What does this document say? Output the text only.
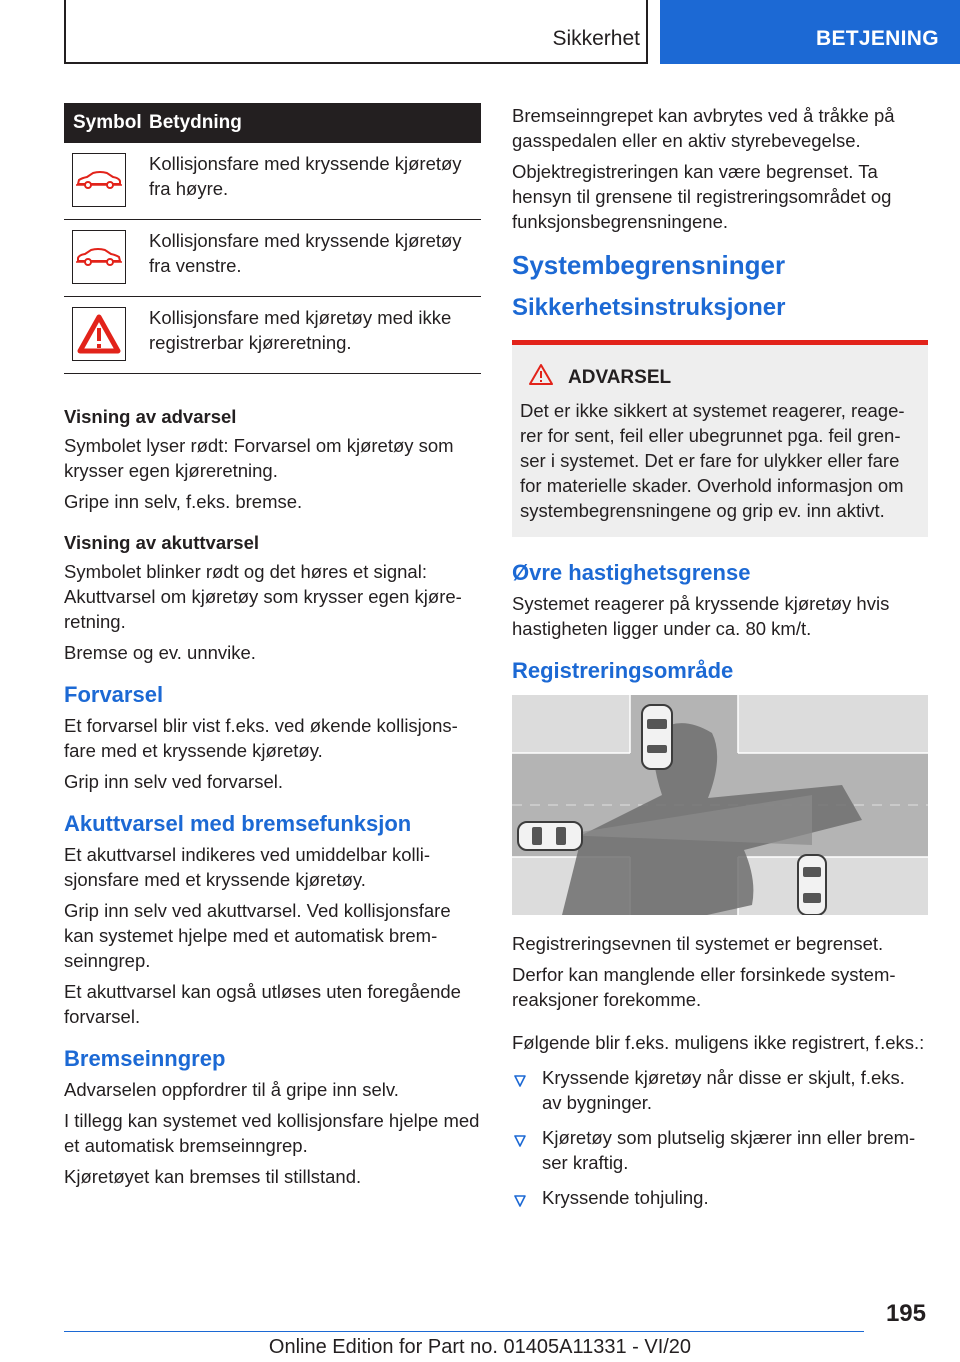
Sikkerhet	BETJENING
Symbol	Betydning

	Kollisjonsfare med kryssende kjøretøy fra høyre.

	Kollisjonsfare med kryssende kjøretøy fra venstre.

	Kollisjonsfare med kjøretøy med ikke registrerbar kjøreretning.
Visning av advarsel

Symbolet lyser rødt: Forvarsel om kjøretøy som krysser egen kjøreretning.

Gripe inn selv, f.eks. bremse.

Visning av akuttvarsel

Symbolet blinker rødt og det høres et signal: Akuttvarsel om kjøretøy som krysser egen kjøreretning.

Bremse og ev. unnvike.

Forvarsel

Et forvarsel blir vist f.eks. ved økende kollisjonsfare med et kryssende kjøretøy.

Grip inn selv ved forvarsel.

Akuttvarsel med bremsefunksjon

Et akuttvarsel indikeres ved umiddelbar kollisjonsfare med et kryssende kjøretøy.

Grip inn selv ved akuttvarsel. Ved kollisjonsfare kan systemet hjelpe med et automatisk bremseinngrep.

Et akuttvarsel kan også utløses uten foregående forvarsel.

Bremseinngrep

Advarselen oppfordrer til å gripe inn selv.

I tillegg kan systemet ved kollisjonsfare hjelpe med et automatisk bremseinngrep.

Kjøretøyet kan bremses til stillstand.

Bremseinngrepet kan avbrytes ved å tråkke på gasspedalen eller en aktiv styrebevegelse.

Objektregistreringen kan være begrenset. Ta hensyn til grensene til registreringsområdet og funksjonsbegrensningene.

Systembegrensninger
Sikkerhetsinstruksjoner
ADVARSEL

Det er ikke sikkert at systemet reagerer, reagerer for sent, feil eller ubegrunnet pga. feil grenser i systemet. Det er fare for ulykker eller fare for materielle skader. Overhold informasjon om systembegrensningene og grip ev. inn aktivt.

Øvre hastighetsgrense

Systemet reagerer på kryssende kjøretøy hvis hastigheten ligger under ca. 80 km/t.

Registreringsområde

Registreringsevnen til systemet er begrenset.

Derfor kan manglende eller forsinkede systemreaksjoner forekomme.

Følgende blir f.eks. muligens ikke registrert, f.eks.:

Kryssende kjøretøy når disse er skjult, f.eks. av bygninger.
Kjøretøy som plutselig skjærer inn eller bremser kraftig.
Kryssende tohjuling.
195
Online Edition for Part no. 01405A11331 - VI/20
